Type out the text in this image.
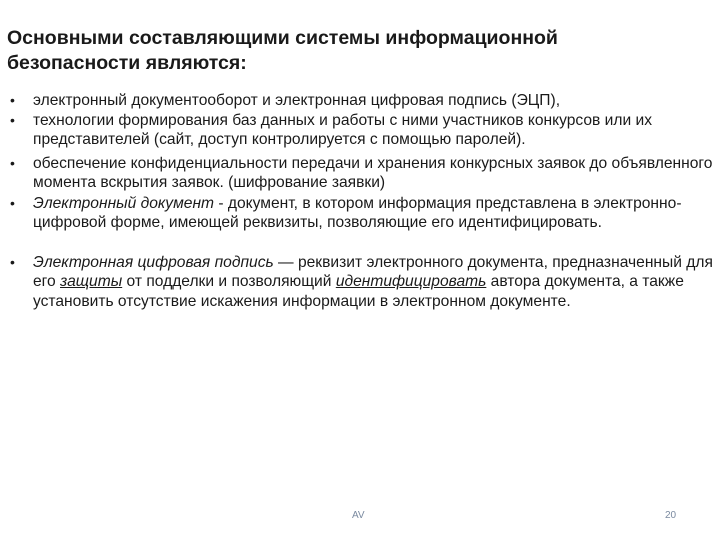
Основными составляющими системы информационной
безопасности являются:
• электронный документооборот и электронная цифровая подпись (ЭЦП),
• технологии формирования баз данных и работы с ними участников конкурсов или их представителей (сайт, доступ контролируется с помощью паролей).
• обеспечение конфиденциальности передачи и хранения конкурсных заявок до объявленного момента вскрытия заявок. (шифрование заявки)
• Электронный документ - документ, в котором информация представлена в электронно-цифровой форме, имеющей реквизиты, позволяющие его идентифицировать.
• Электронная цифровая подпись — реквизит электронного документа, предназначенный для его защиты от подделки и позволяющий идентифицировать автора документа, а также установить отсутствие искажения информации в электронном документе.
AV	20
